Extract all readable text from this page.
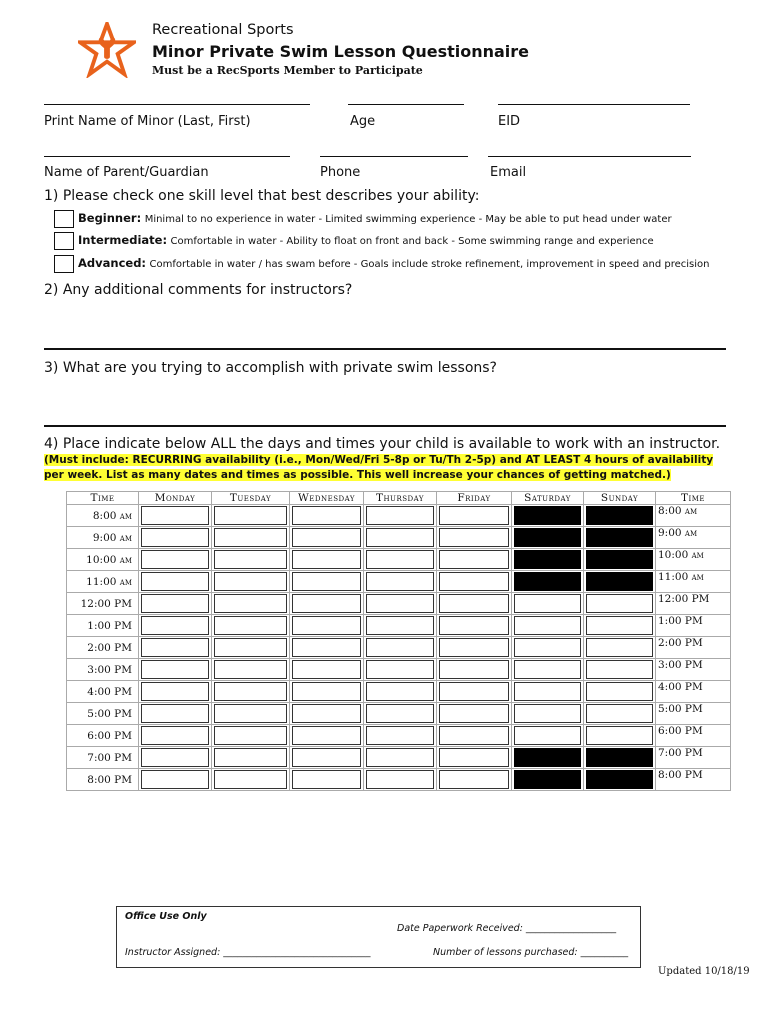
Recreational Sports
Minor Private Swim Lesson Questionnaire
Must be a RecSports Member to Participate
Print Name of Minor (Last, First)	Age	EID
Name of Parent/Guardian	Phone	Email
1) Please check one skill level that best describes your ability:
Beginner: Minimal to no experience in water - Limited swimming experience - May be able to put head under water
Intermediate: Comfortable in water - Ability to float on front and back - Some swimming range and experience
Advanced: Comfortable in water / has swam before - Goals include stroke refinement, improvement in speed and precision
2) Any additional comments for instructors?
3) What are you trying to accomplish with private swim lessons?
4) Place indicate below ALL the days and times your child is available to work with an instructor.
(Must include: RECURRING availability (i.e., Mon/Wed/Fri 5-8p or Tu/Th 2-5p) and AT LEAST 4 hours of availability per week. List as many dates and times as possible. This well increase your chances of getting matched.)
Time	Monday	Tuesday	Wednesday	Thursday	Friday	Saturday	Sunday	Time
8:00 am								8:00 am
9:00 am								9:00 am
10:00 am								10:00 am
11:00 am								11:00 am
12:00 PM								12:00 PM
1:00 PM								1:00 PM
2:00 PM								2:00 PM
3:00 PM								3:00 PM
4:00 PM								4:00 PM
5:00 PM								5:00 PM
6:00 PM								6:00 PM
7:00 PM								7:00 PM
8:00 PM								8:00 PM
Office Use Only
Date Paperwork Received: ___________________
Instructor Assigned: _______________________________	Number of lessons purchased: __________
Updated 10/18/19
